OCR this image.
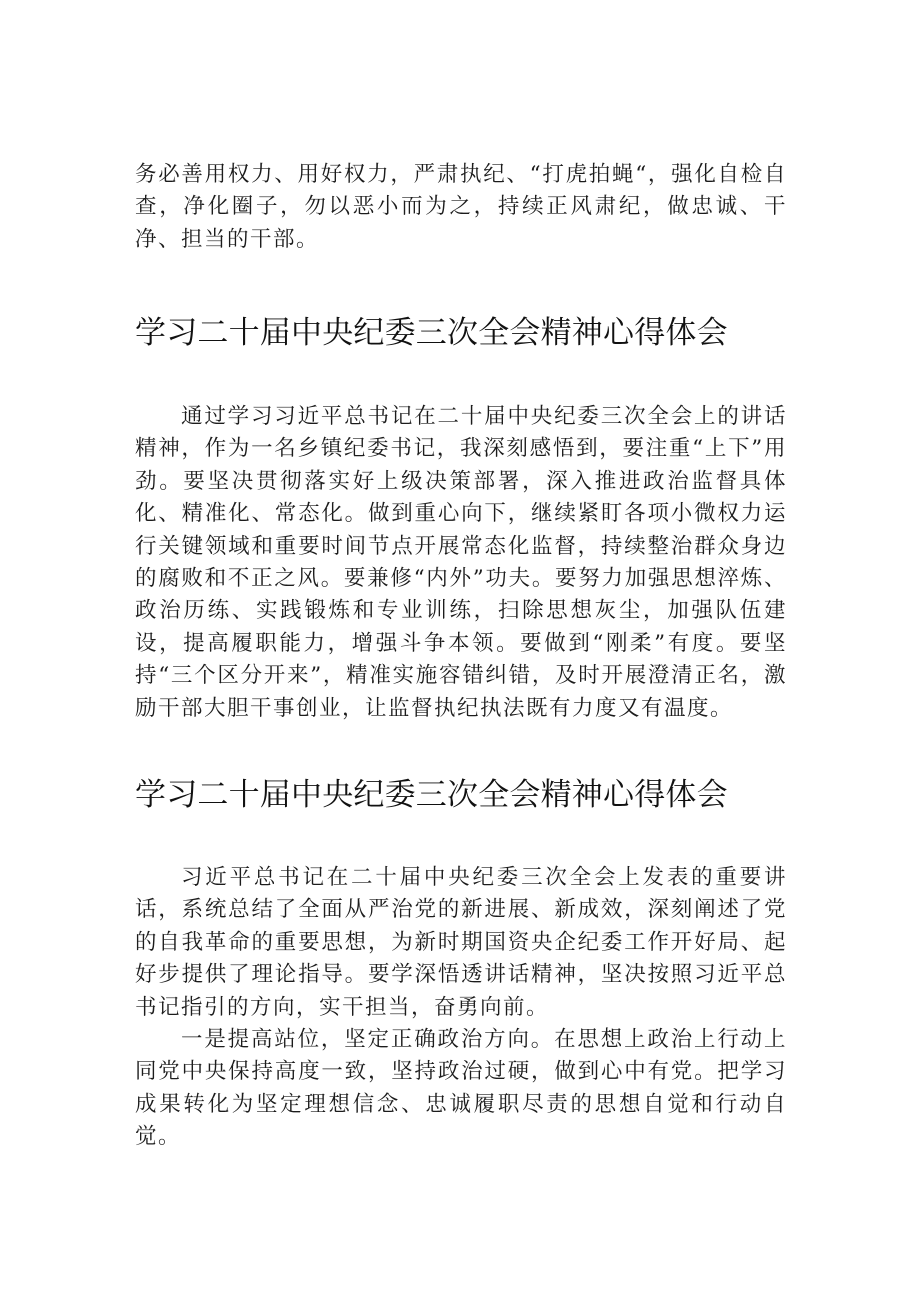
务必善用权力、用好权力，严肃执纪、“打虎拍蝇“，强化自检自查，净化圈子，勿以恶小而为之，持续正风肃纪，做忠诚、干净、担当的干部。

学习二十届中央纪委三次全会精神心得体会

通过学习习近平总书记在二十届中央纪委三次全会上的讲话精神，作为一名乡镇纪委书记，我深刻感悟到，要注重“上下”用劲。要坚决贯彻落实好上级决策部署，深入推进政治监督具体化、精准化、常态化。做到重心向下，继续紧盯各项小微权力运行关键领域和重要时间节点开展常态化监督，持续整治群众身边的腐败和不正之风。要兼修“内外”功夫。要努力加强思想淬炼、政治历练、实践锻炼和专业训练，扫除思想灰尘，加强队伍建设，提高履职能力，增强斗争本领。要做到“刚柔”有度。要坚持“三个区分开来”，精准实施容错纠错，及时开展澄清正名，激励干部大胆干事创业，让监督执纪执法既有力度又有温度。

学习二十届中央纪委三次全会精神心得体会

习近平总书记在二十届中央纪委三次全会上发表的重要讲话，系统总结了全面从严治党的新进展、新成效，深刻阐述了党的自我革命的重要思想，为新时期国资央企纪委工作开好局、起好步提供了理论指导。要学深悟透讲话精神，坚决按照习近平总书记指引的方向，实干担当，奋勇向前。

一是提高站位，坚定正确政治方向。在思想上政治上行动上同党中央保持高度一致，坚持政治过硬，做到心中有党。把学习成果转化为坚定理想信念、忠诚履职尽责的思想自觉和行动自觉。
